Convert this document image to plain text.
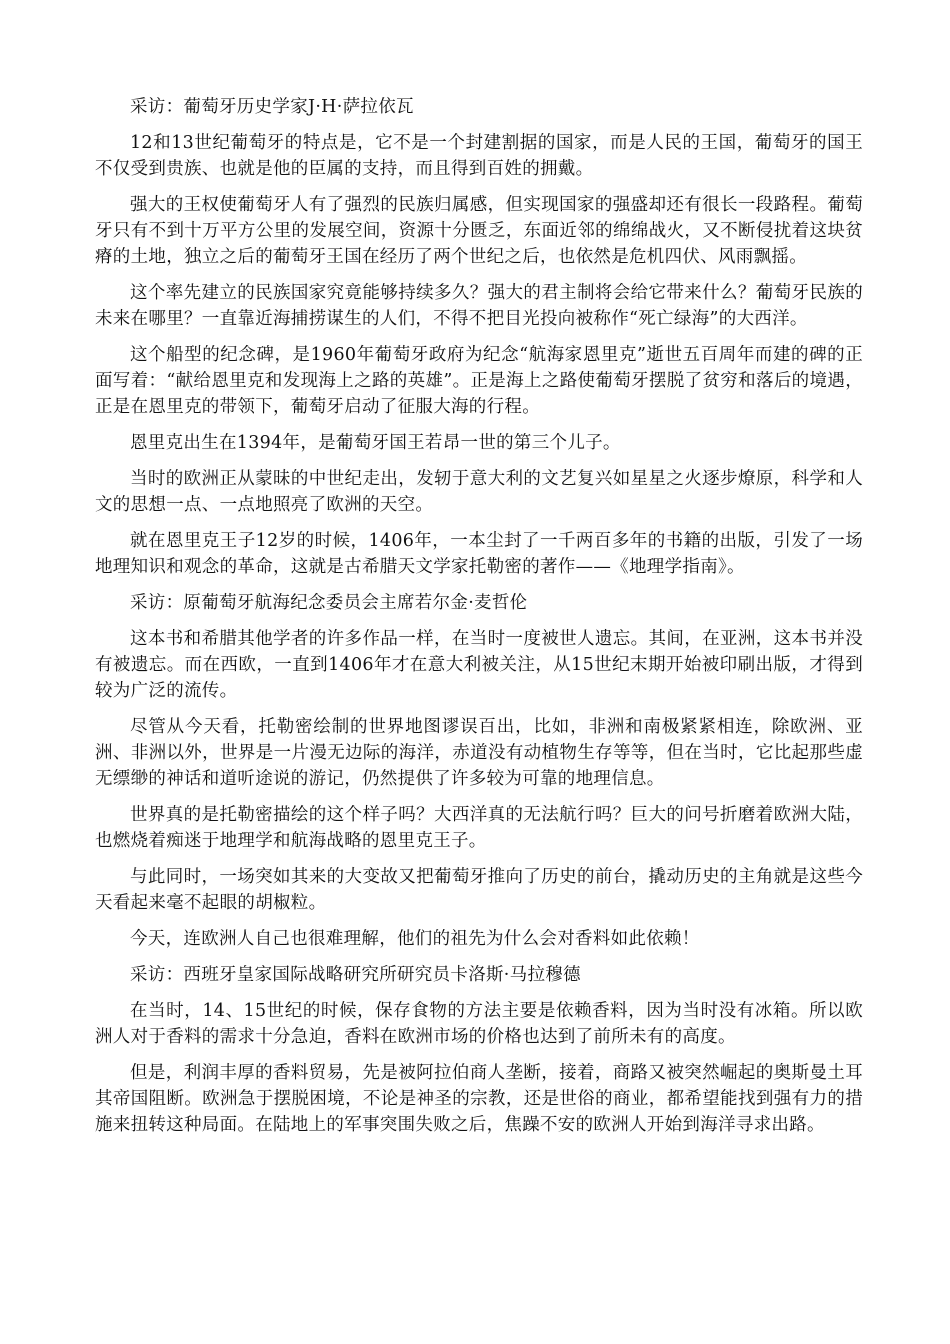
采访：葡萄牙历史学家J·H·萨拉依瓦

12和13世纪葡萄牙的特点是，它不是一个封建割据的国家，而是人民的王国，葡萄牙的国王不仅受到贵族、也就是他的臣属的支持，而且得到百姓的拥戴。

强大的王权使葡萄牙人有了强烈的民族归属感，但实现国家的强盛却还有很长一段路程。葡萄牙只有不到十万平方公里的发展空间，资源十分匮乏，东面近邻的绵绵战火，又不断侵扰着这块贫瘠的土地，独立之后的葡萄牙王国在经历了两个世纪之后，也依然是危机四伏、风雨飘摇。

这个率先建立的民族国家究竟能够持续多久？强大的君主制将会给它带来什么？葡萄牙民族的未来在哪里？一直靠近海捕捞谋生的人们，不得不把目光投向被称作“死亡绿海”的大西洋。

这个船型的纪念碑，是1960年葡萄牙政府为纪念“航海家恩里克”逝世五百周年而建的碑的正面写着：“献给恩里克和发现海上之路的英雄”。正是海上之路使葡萄牙摆脱了贫穷和落后的境遇，正是在恩里克的带领下，葡萄牙启动了征服大海的行程。

恩里克出生在1394年，是葡萄牙国王若昂一世的第三个儿子。

当时的欧洲正从蒙昧的中世纪走出，发轫于意大利的文艺复兴如星星之火逐步燎原，科学和人文的思想一点、一点地照亮了欧洲的天空。

就在恩里克王子12岁的时候，1406年，一本尘封了一千两百多年的书籍的出版，引发了一场地理知识和观念的革命，这就是古希腊天文学家托勒密的著作——《地理学指南》。

采访：原葡萄牙航海纪念委员会主席若尔金·麦哲伦

这本书和希腊其他学者的许多作品一样，在当时一度被世人遗忘。其间，在亚洲，这本书并没有被遗忘。而在西欧，一直到1406年才在意大利被关注，从15世纪末期开始被印刷出版，才得到较为广泛的流传。

尽管从今天看，托勒密绘制的世界地图谬误百出，比如，非洲和南极紧紧相连，除欧洲、亚洲、非洲以外，世界是一片漫无边际的海洋，赤道没有动植物生存等等，但在当时，它比起那些虚无缥缈的神话和道听途说的游记，仍然提供了许多较为可靠的地理信息。

世界真的是托勒密描绘的这个样子吗？大西洋真的无法航行吗？巨大的问号折磨着欧洲大陆，也燃烧着痴迷于地理学和航海战略的恩里克王子。

与此同时，一场突如其来的大变故又把葡萄牙推向了历史的前台，撬动历史的主角就是这些今天看起来毫不起眼的胡椒粒。

今天，连欧洲人自己也很难理解，他们的祖先为什么会对香料如此依赖！

采访：西班牙皇家国际战略研究所研究员卡洛斯·马拉穆德

在当时，14、15世纪的时候，保存食物的方法主要是依赖香料，因为当时没有冰箱。所以欧洲人对于香料的需求十分急迫，香料在欧洲市场的价格也达到了前所未有的高度。

但是，利润丰厚的香料贸易，先是被阿拉伯商人垄断，接着，商路又被突然崛起的奥斯曼土耳其帝国阻断。欧洲急于摆脱困境，不论是神圣的宗教，还是世俗的商业，都希望能找到强有力的措施来扭转这种局面。在陆地上的军事突围失败之后，焦躁不安的欧洲人开始到海洋寻求出路。
